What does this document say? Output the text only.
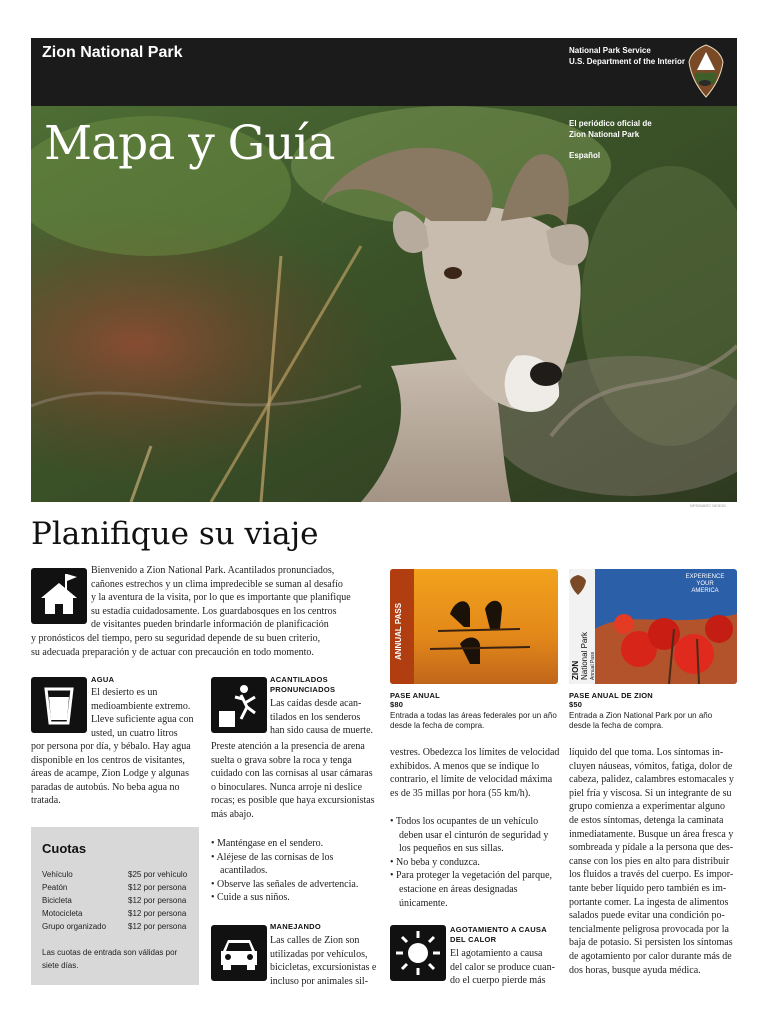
Zion National Park	National Park Service
U.S. Department of the Interior
Mapa y Guía	El periódico oficial de
Zion National Park
Español
NPS/MARC NEIDIG
Planifique su viaje
Bienvenido a Zion National Park. Acantilados pronunciados,
cañones estrechos y un clima impredecible se suman al desafío
y la aventura de la visita, por lo que es importante que planifique
su estadía cuidadosamente. Los guardabosques en los centros
de visitantes pueden brindarle información de planificación
y pronósticos del tiempo, pero su seguridad depende de su buen criterio,
su adecuada preparación y de actuar con precaución en todo momento.
AGUA
El desierto es un
medioambiente extremo.
Lleve suficiente agua con
usted, un cuatro litros
por persona por día, y bébalo. Hay agua
disponible en los centros de visitantes,
áreas de acampe, Zion Lodge y algunas
paradas de autobús. No beba agua no
tratada.
ACANTILADOS
PRONUNCIADOS
Las caídas desde acan-
tilados en los senderos
han sido causa de muerte.
Preste atención a la presencia de arena
suelta o grava sobre la roca y tenga
cuidado con las cornisas al usar cámaras
o binoculares. Nunca arroje ni deslice
rocas; es posible que haya excursionistas
más abajo.
• Manténgase en el sendero.
• Aléjese de las cornisas de los acantilados.
• Observe las señales de advertencia.
• Cuide a sus niños.
Cuotas
Vehículo	$25 por vehículo
Peatón	$12 por persona
Bicicleta	$12 por persona
Motocicleta	$12 por persona
Grupo organizado	$12 por persona
Las cuotas de entrada son válidas por
siete días.
MANEJANDO
Las calles de Zion son
utilizadas por vehículos,
bicicletas, excursionistas e
incluso por animales sil-
PASE ANUAL
$80
Entrada a todas las áreas federales por un año
desde la fecha de compra.
ZION National Park Annual Pass
EXPERIENCE
YOUR
AMERICA
PASE ANUAL DE ZION
$50
Entrada a Zion National Park por un año
desde la fecha de compra.
vestres. Obedezca los límites de velocidad
exhibidos. A menos que se indique lo
contrario, el límite de velocidad máxima
es de 35 millas por hora (55 km/h).
• Todos los ocupantes de un vehículo deben usar el cinturón de seguridad y los pequeños en sus sillas.
• No beba y conduzca.
• Para proteger la vegetación del parque, estacione en áreas designadas únicamente.
AGOTAMIENTO A CAUSA
DEL CALOR
El agotamiento a causa
del calor se produce cuan-
do el cuerpo pierde más
líquido del que toma. Los síntomas in-
cluyen náuseas, vómitos, fatiga, dolor de
cabeza, palidez, calambres estomacales y
piel fría y viscosa. Si un integrante de su
grupo comienza a experimentar alguno
de estos síntomas, detenga la caminata
inmediatamente. Busque un área fresca y
sombreada y pídale a la persona que des-
canse con los pies en alto para distribuir
los fluidos a través del cuerpo. Es impor-
tante beber líquido pero también es im-
portante comer. La ingesta de alimentos
salados puede evitar una condición po-
tencialmente peligrosa provocada por la
baja de potasio. Si persisten los síntomas
de agotamiento por calor durante más de
dos horas, busque ayuda médica.
